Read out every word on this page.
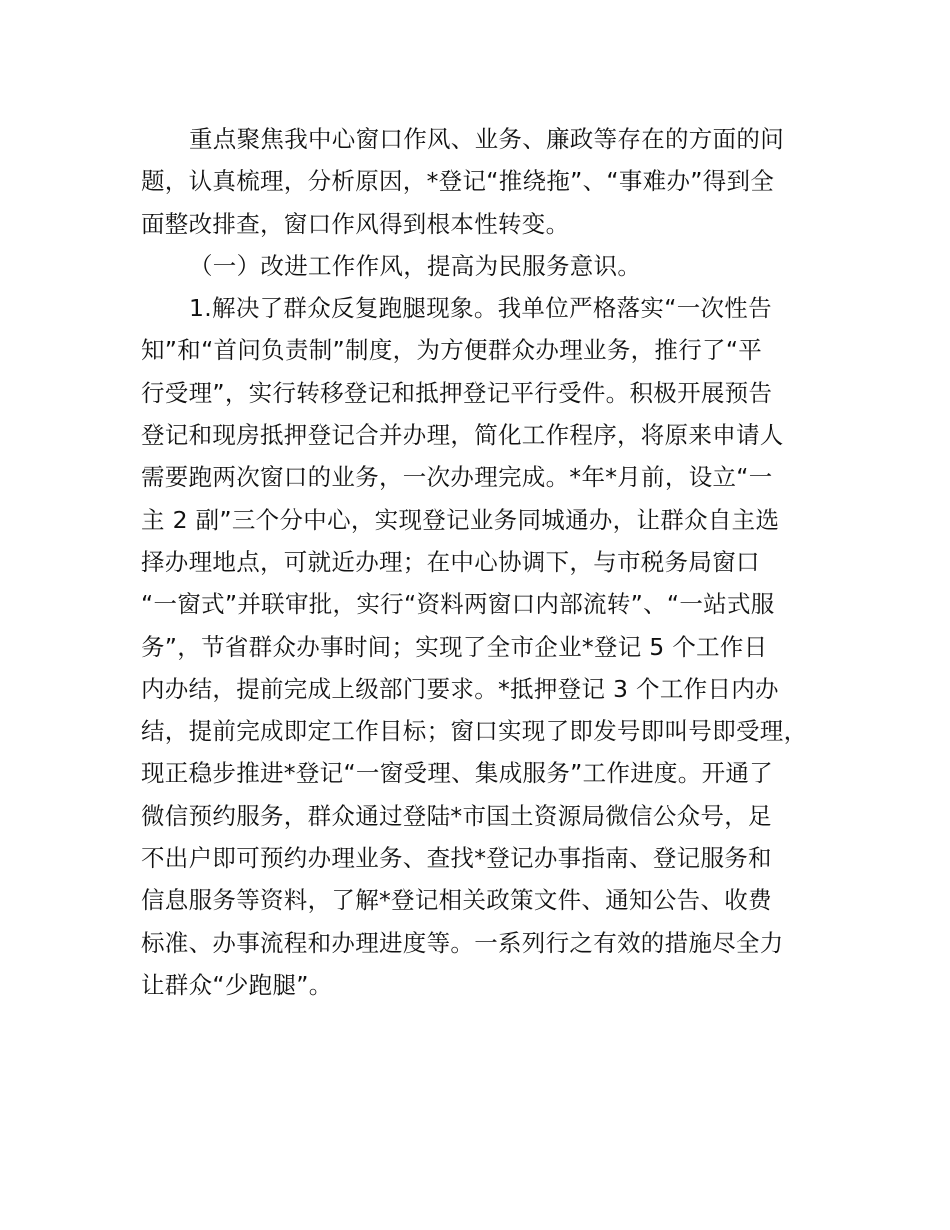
重点聚焦我中心窗口作风、业务、廉政等存在的方面的问
题，认真梳理，分析原因，*登记“推绕拖”、“事难办”得到全
面整改排查，窗口作风得到根本性转变。
（一）改进工作作风，提高为民服务意识。
1.解决了群众反复跑腿现象。我单位严格落实“一次性告
知”和“首问负责制”制度，为方便群众办理业务，推行了“平
行受理”，实行转移登记和抵押登记平行受件。积极开展预告
登记和现房抵押登记合并办理，简化工作程序，将原来申请人
需要跑两次窗口的业务，一次办理完成。*年*月前，设立“一
主 2 副”三个分中心，实现登记业务同城通办，让群众自主选
择办理地点，可就近办理；在中心协调下，与市税务局窗口
“一窗式”并联审批，实行“资料两窗口内部流转”、“一站式服
务”，节省群众办事时间；实现了全市企业*登记 5 个工作日
内办结，提前完成上级部门要求。*抵押登记 3 个工作日内办
结，提前完成即定工作目标；窗口实现了即发号即叫号即受理，
现正稳步推进*登记“一窗受理、集成服务”工作进度。开通了
微信预约服务，群众通过登陆*市国土资源局微信公众号，足
不出户即可预约办理业务、查找*登记办事指南、登记服务和
信息服务等资料，了解*登记相关政策文件、通知公告、收费
标准、办事流程和办理进度等。一系列行之有效的措施尽全力
让群众“少跑腿”。
